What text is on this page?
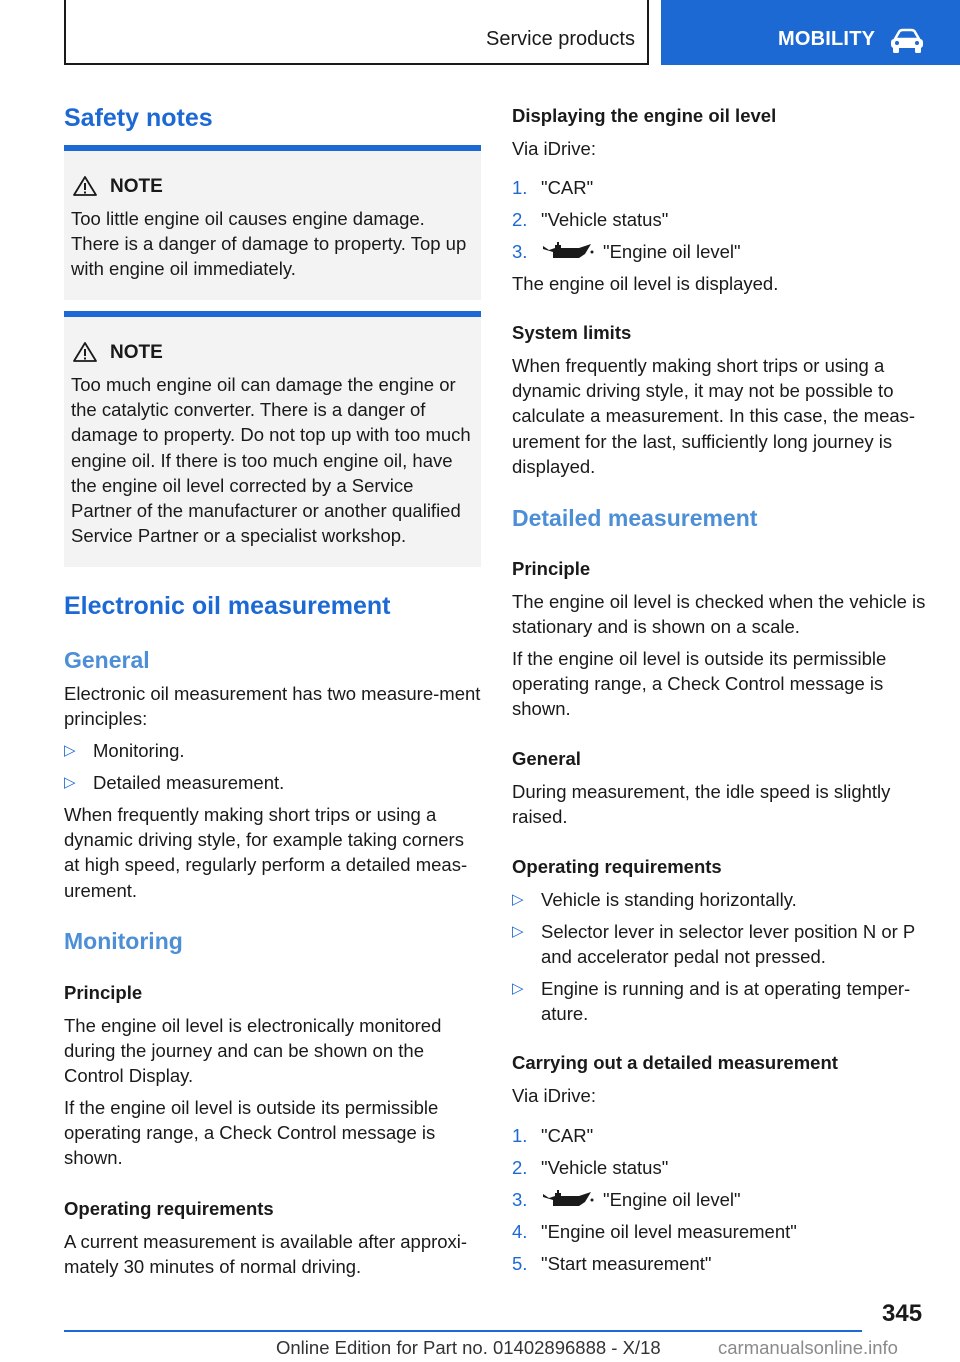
Service products	MOBILITY
Safety notes
NOTE
Too little engine oil causes engine damage. There is a danger of damage to property. Top up with engine oil immediately.
NOTE
Too much engine oil can damage the engine or the catalytic converter. There is a danger of damage to property. Do not top up with too much engine oil. If there is too much engine oil, have the engine oil level corrected by a Service Partner of the manufacturer or another qualified Service Partner or a specialist workshop.
Electronic oil measurement
General
Electronic oil measurement has two measure‐ment principles:
▷ Monitoring.
▷ Detailed measurement.
When frequently making short trips or using a dynamic driving style, for example taking corners at high speed, regularly perform a detailed meas‐urement.
Monitoring
Principle
The engine oil level is electronically monitored during the journey and can be shown on the Control Display.
If the engine oil level is outside its permissible operating range, a Check Control message is shown.
Operating requirements
A current measurement is available after approxi‐mately 30 minutes of normal driving.
Displaying the engine oil level
Via iDrive:
1. "CAR"
2. "Vehicle status"
3.	"Engine oil level"
The engine oil level is displayed.
System limits
When frequently making short trips or using a dynamic driving style, it may not be possible to calculate a measurement. In this case, the meas‐urement for the last, sufficiently long journey is displayed.
Detailed measurement
Principle
The engine oil level is checked when the vehicle is stationary and is shown on a scale.
If the engine oil level is outside its permissible operating range, a Check Control message is shown.
General
During measurement, the idle speed is slightly raised.
Operating requirements
▷ Vehicle is standing horizontally.
▷ Selector lever in selector lever position N or P and accelerator pedal not pressed.
▷ Engine is running and is at operating temper‐ature.
Carrying out a detailed measurement
Via iDrive:
1. "CAR"
2. "Vehicle status"
3.	"Engine oil level"
4. "Engine oil level measurement"
5. "Start measurement"
345
Online Edition for Part no. 01402896888 - X/18	carmanualsonline.info
